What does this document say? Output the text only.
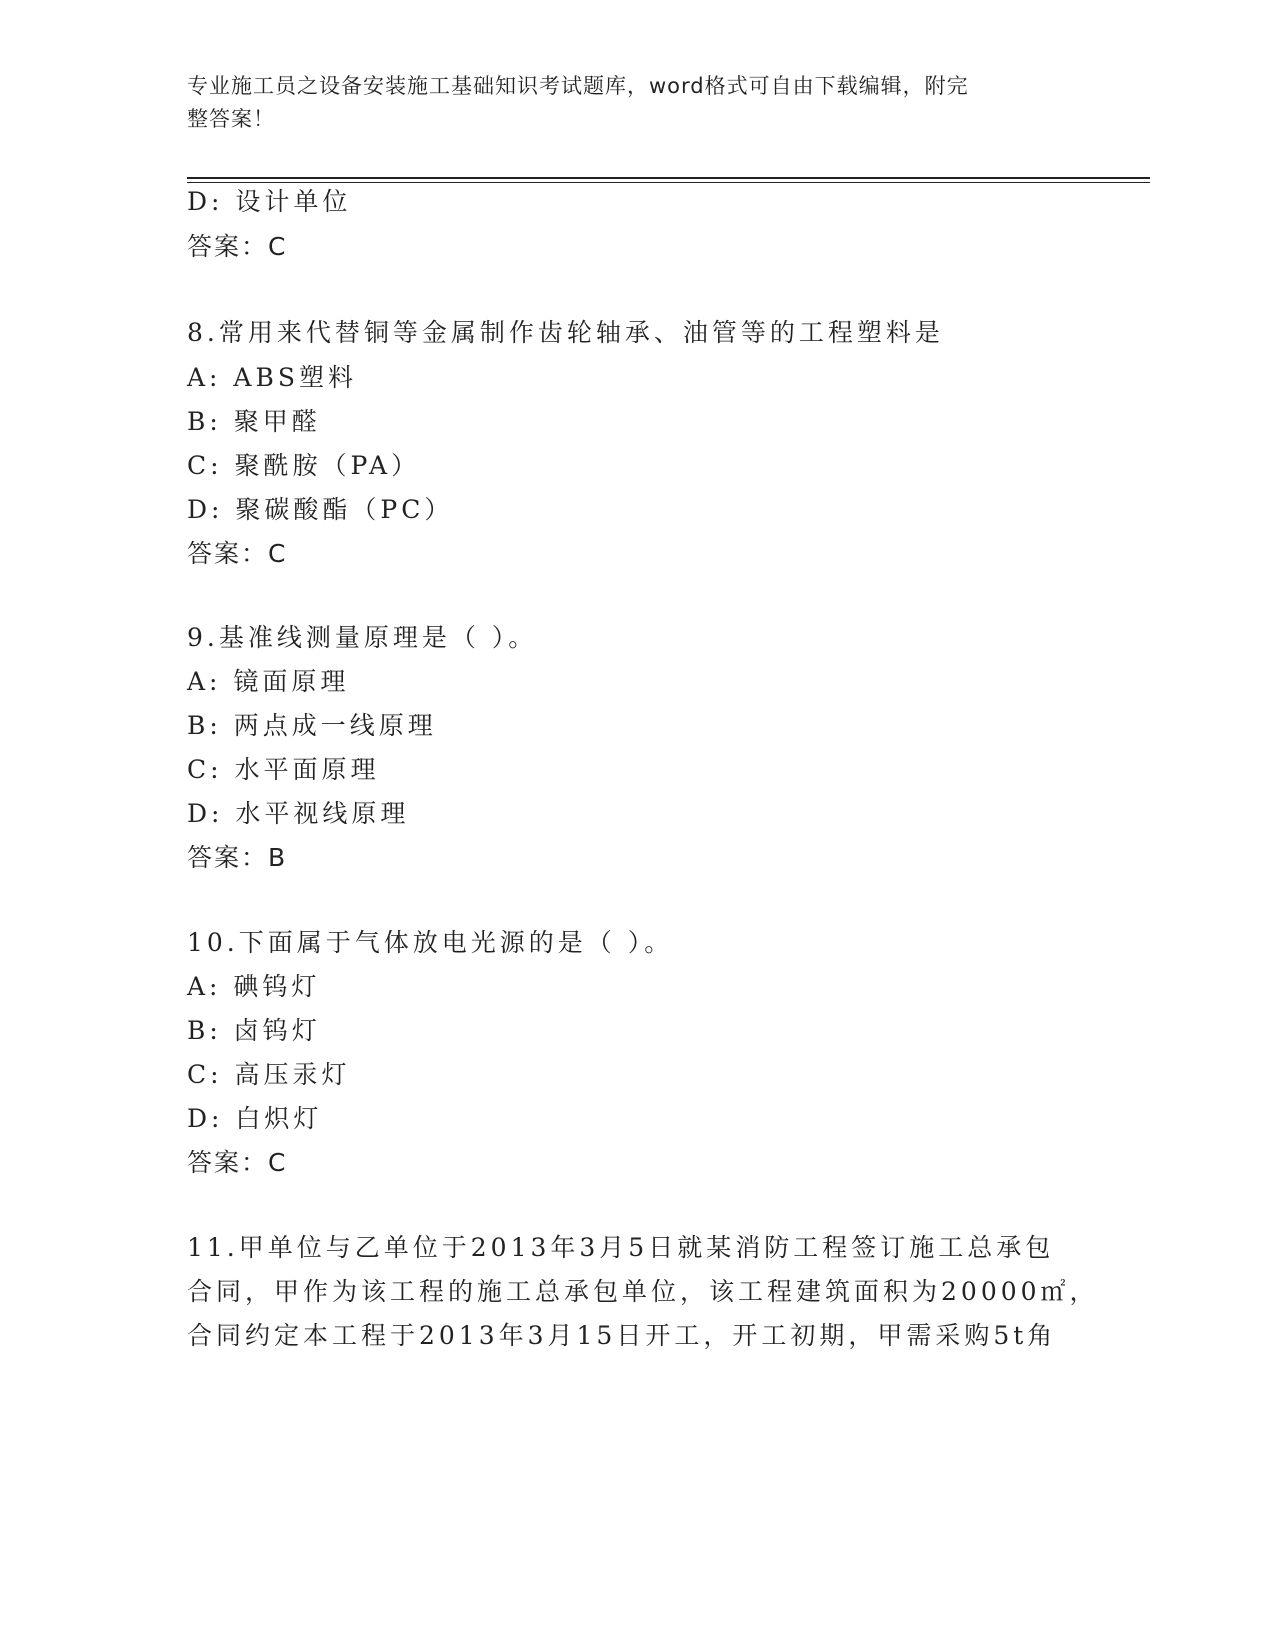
专业施工员之设备安装施工基础知识考试题库，word格式可自由下载编辑，附完
整答案！
D: 设计单位
答案：C
8.常用来代替铜等金属制作齿轮轴承、油管等的工程塑料是
A: ABS塑料
B: 聚甲醛
C: 聚酰胺（PA）
D: 聚碳酸酯（PC）
答案：C
9.基准线测量原理是（ ）。
A: 镜面原理
B: 两点成一线原理
C: 水平面原理
D: 水平视线原理
答案：B
10.下面属于气体放电光源的是（ ）。
A: 碘钨灯
B: 卤钨灯
C: 高压汞灯
D: 白炽灯
答案：C
11.甲单位与乙单位于2013年3月5日就某消防工程签订施工总承包
合同，甲作为该工程的施工总承包单位，该工程建筑面积为20000㎡，
合同约定本工程于2013年3月15日开工，开工初期，甲需采购5t角
